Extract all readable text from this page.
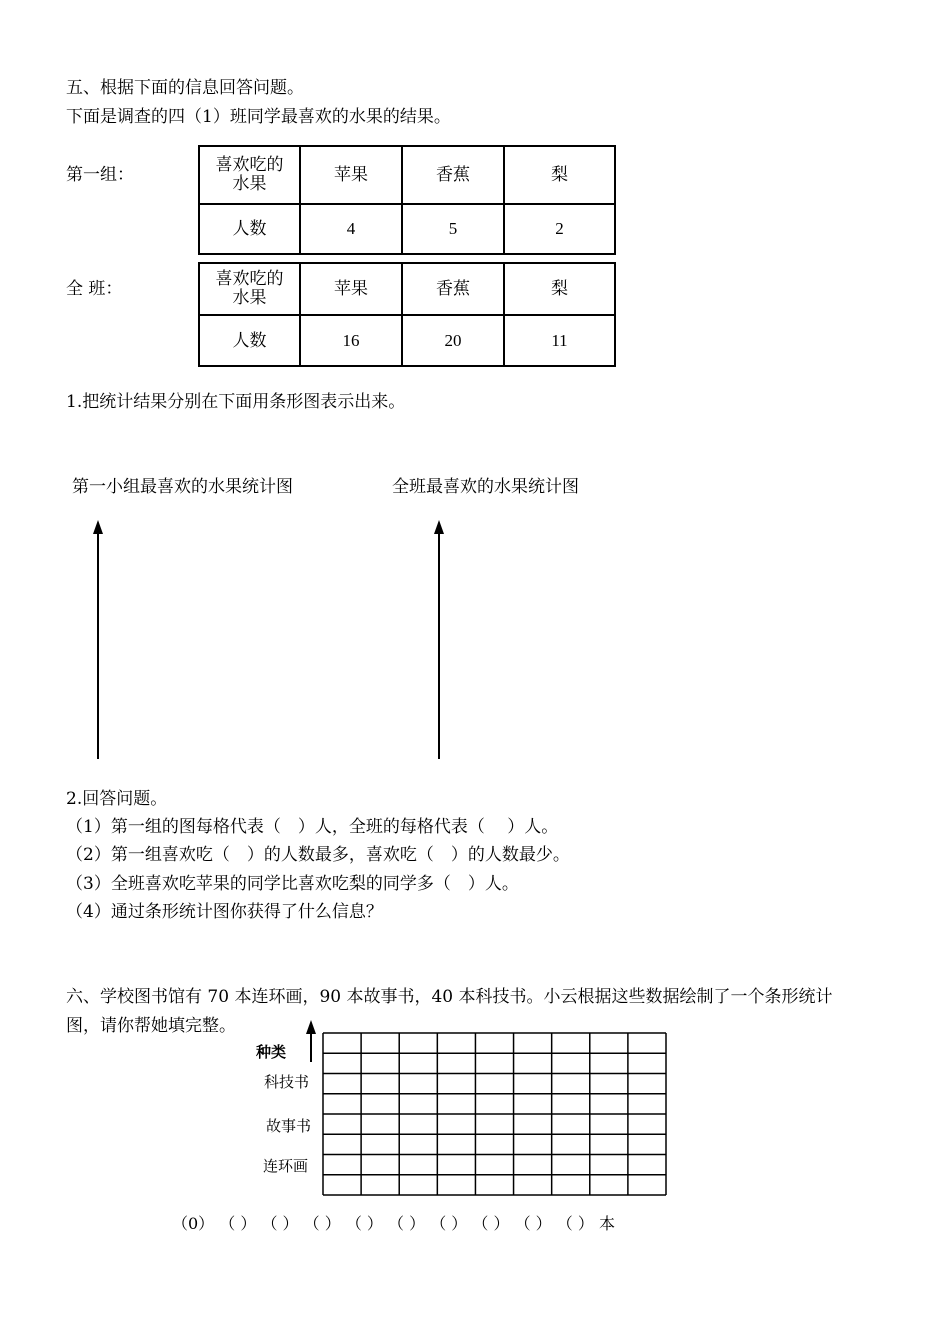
五、根据下面的信息回答问题。
下面是调查的四（1）班同学最喜欢的水果的结果。
第一组：	喜欢吃的水果	苹果	香蕉	梨
人数	4	5	2
全 班：	喜欢吃的水果	苹果	香蕉	梨
人数	16	20	11
1.把统计结果分别在下面用条形图表示出来。
第一小组最喜欢的水果统计图	全班最喜欢的水果统计图
2.回答问题。
（1）第一组的图每格代表（　）人，全班的每格代表（　 ）人。
（2）第一组喜欢吃（　）的人数最多，喜欢吃（　）的人数最少。
（3）全班喜欢吃苹果的同学比喜欢吃梨的同学多（　）人。
（4）通过条形统计图你获得了什么信息？
六、学校图书馆有 70 本连环画，90 本故事书，40 本科技书。小云根据这些数据绘制了一个条形统计
图，请你帮她填完整。
种类
科技书
故事书
连环画
（0） （ ） （ ） （ ） （ ） （ ） （ ） （ ） （ ） （ ） 本
